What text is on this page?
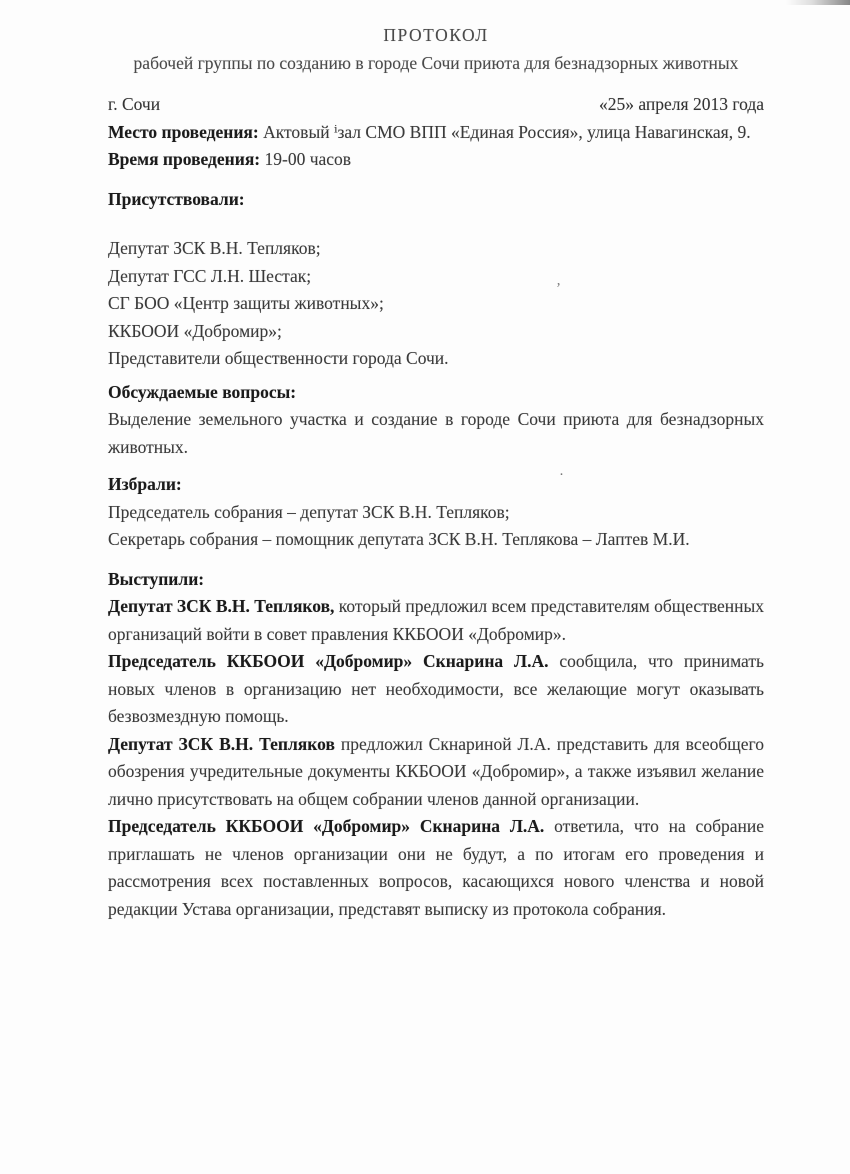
ПРОТОКОЛ
рабочей группы по созданию в городе Сочи приюта для безнадзорных животных
г. Сочи	«25» апреля 2013 года

Место проведения: Актовый ⁱзал СМО ВПП «Единая Россия», улица Навагинская, 9.

Время проведения: 19-00 часов

Присутствовали:

Депутат ЗСК В.Н. Тепляков;

Депутат ГСС Л.Н. Шестак;

СГ БОО «Центр защиты животных»;

ККБООИ «Добромир»;

Представители общественности города Сочи.

Обсуждаемые вопросы:

Выделение земельного участка и создание в городе Сочи приюта для безнадзорных животных.

Избрали:

Председатель собрания – депутат ЗСК В.Н. Тепляков;

Секретарь собрания – помощник депутата ЗСК В.Н. Теплякова – Лаптев М.И.

Выступили:

Депутат ЗСК В.Н. Тепляков, который предложил всем представителям общественных организаций войти в совет правления ККБООИ «Добромир».

Председатель ККБООИ «Добромир» Скнарина Л.А. сообщила, что принимать новых членов в организацию нет необходимости, все желающие могут оказывать безвозмездную помощь.

Депутат ЗСК В.Н. Тепляков предложил Скнариной Л.А. представить для всеобщего обозрения учредительные документы ККБООИ «Добромир», а также изъявил желание лично присутствовать на общем собрании членов данной организации.

Председатель ККБООИ «Добромир» Скнарина Л.А. ответила, что на собрание приглашать не членов организации они не будут, а по итогам его проведения и рассмотрения всех поставленных вопросов, касающихся нового членства и новой редакции Устава организации, представят выписку из протокола собрания.

ʼ
·
